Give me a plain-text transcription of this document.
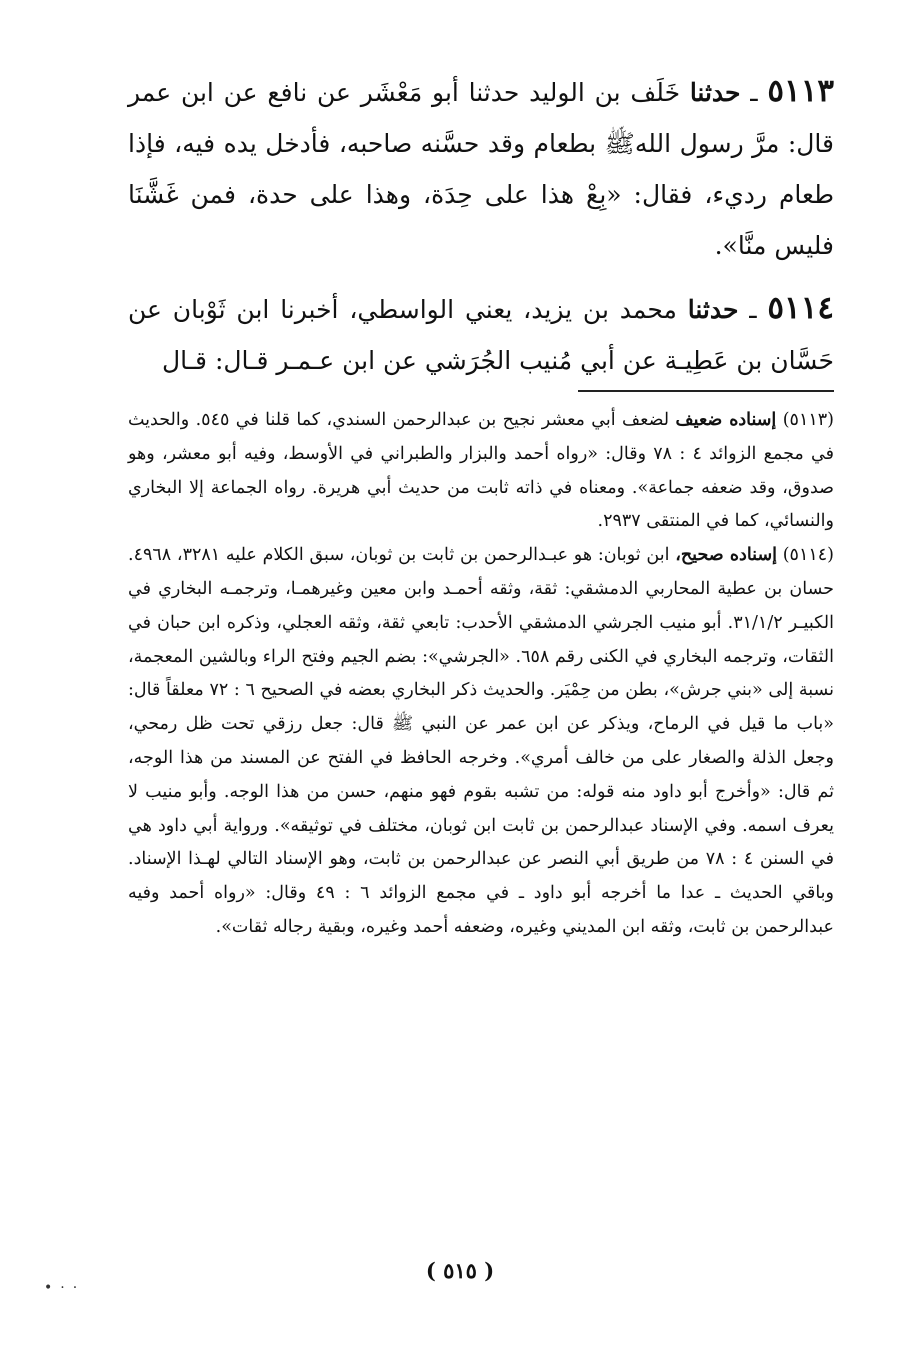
٥١١٣ ـ حدثنا خَلَف بن الوليد حدثنا أبو مَعْشَر عن نافع عن ابن عمر قال: مرَّ رسول اللهﷺ بطعام وقد حسَّنه صاحبه، فأدخل يده فيه، فإذا طعام رديء، فقال: «بِعْ هذا على حِدَة، وهذا على حدة، فمن غَشَّنَا فليس منَّا».

٥١١٤ ـ حدثنا محمد بن يزيد، يعني الواسطي، أخبرنا ابن ثَوْبان عن حَسَّان بن عَطِيـة عن أبي مُنيب الجُرَشي عن ابن عـمـر قـال: قـال

(٥١١٣) إسناده ضعيف لضعف أبي معشر نجيح بن عبدالرحمن السندي، كما قلنا في ٥٤٥. والحديث في مجمع الزوائد ٤ : ٧٨ وقال: «رواه أحمد والبزار والطبراني في الأوسط، وفيه أبو معشر، وهو صدوق، وقد ضعفه جماعة». ومعناه في ذاته ثابت من حديث أبي هريرة. رواه الجماعة إلا البخاري والنسائي، كما في المنتقى ٢٩٣٧.

(٥١١٤) إسناده صحيح، ابن ثوبان: هو عبـدالرحمن بن ثابت بن ثوبان، سبق الكلام عليه ٣٢٨١، ٤٩٦٨. حسان بن عطية المحاربي الدمشقي: ثقة، وثقه أحمـد وابن معين وغيرهمـا، وترجمـه البخاري في الكبيـر ٣١/١/٢. أبو منيب الجرشي الدمشقي الأحدب: تابعي ثقة، وثقه العجلي، وذكره ابن حبان في الثقات، وترجمه البخاري في الكنى رقم ٦٥٨. «الجرشي»: بضم الجيم وفتح الراء وبالشين المعجمة، نسبة إلى «بني جرش»، بطن من حِمْيَر. والحديث ذكر البخاري بعضه في الصحيح ٦ : ٧٢ معلقاً قال: «باب ما قيل في الرماح، ويذكر عن ابن عمر عن النبي ﷺ قال: جعل رزقي تحت ظل رمحي، وجعل الذلة والصغار على من خالف أمري». وخرجه الحافظ في الفتح عن المسند من هذا الوجه، ثم قال: «وأخرج أبو داود منه قوله: من تشبه بقوم فهو منهم، حسن من هذا الوجه. وأبو منيب لا يعرف اسمه. وفي الإسناد عبدالرحمن بن ثابت ابن ثوبان، مختلف في توثيقه». ورواية أبي داود هي في السنن ٤ : ٧٨ من طريق أبي النصر عن عبدالرحمن بن ثابت، وهو الإسناد التالي لهـذا الإسناد. وباقي الحديث ـ عدا ما أخرجه أبو داود ـ في مجمع الزوائد ٦ : ٤٩ وقال: «رواه أحمد وفيه عبدالرحمن بن ثابت، وثقه ابن المديني وغيره، وضعفه أحمد وغيره، وبقية رجاله ثقات».

( ٥١٥ )
•··
